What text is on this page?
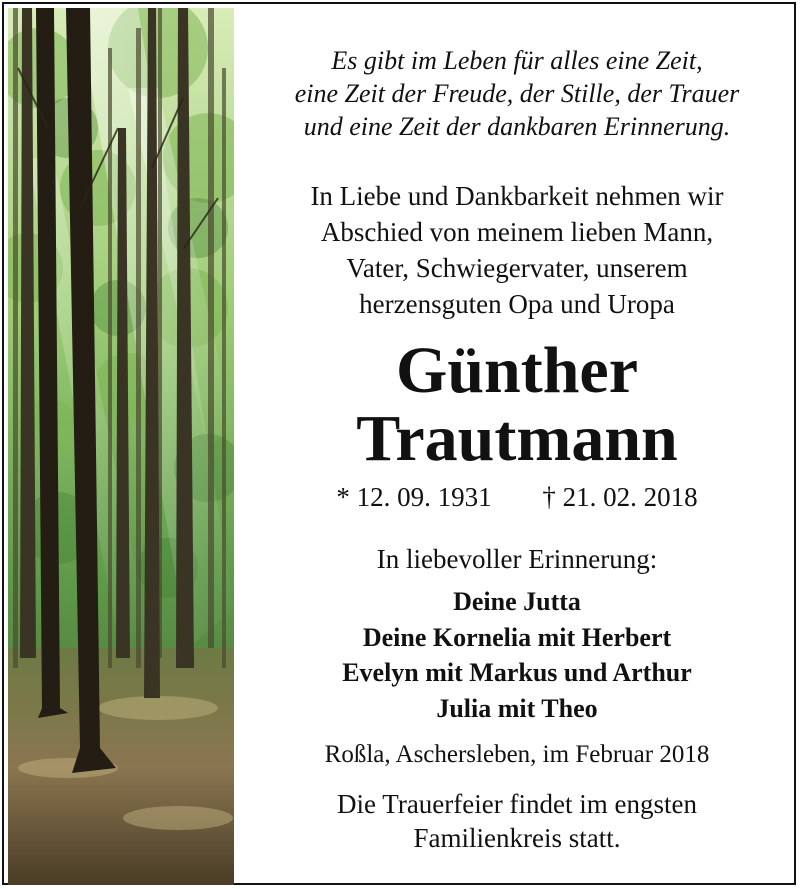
Es gibt im Leben für alles eine Zeit,
eine Zeit der Freude, der Stille, der Trauer
und eine Zeit der dankbaren Erinnerung.
In Liebe und Dankbarkeit nehmen wir
Abschied von meinem lieben Mann,
Vater, Schwiegervater, unserem
herzensguten Opa und Uropa
Günther
Trautmann
* 12. 09. 1931 † 21. 02. 2018
In liebevoller Erinnerung:
Deine Jutta
Deine Kornelia mit Herbert
Evelyn mit Markus und Arthur
Julia mit Theo
Roßla, Aschersleben, im Februar 2018
Die Trauerfeier findet im engsten
Familienkreis statt.
